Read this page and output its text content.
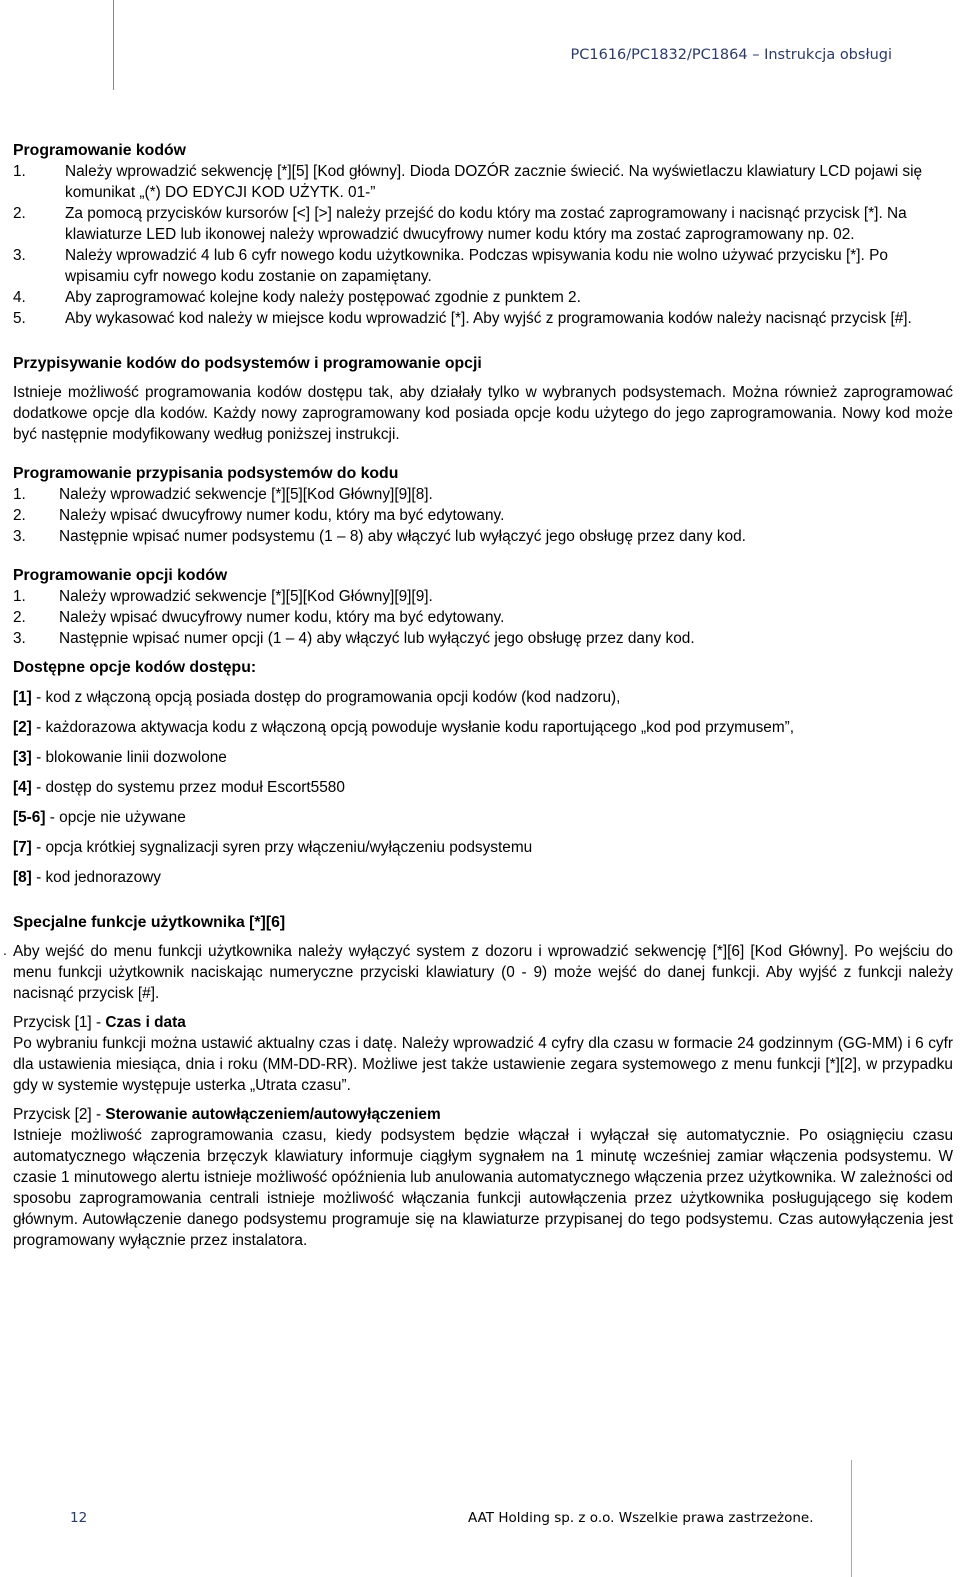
PC1616/PC1832/PC1864 – Instrukcja obsługi
Programowanie kodów
1.	Należy wprowadzić sekwencję [*][5] [Kod główny]. Dioda DOZÓR zacznie świecić. Na wyświetlaczu klawiatury LCD pojawi się komunikat „(*) DO EDYCJI KOD UŻYTK. 01-”
2.	Za pomocą przycisków kursorów [<] [>] należy przejść do kodu który ma zostać zaprogramowany i nacisnąć przycisk [*]. Na klawiaturze LED lub ikonowej należy wprowadzić dwucyfrowy numer kodu który ma zostać zaprogramowany np. 02.
3.	Należy wprowadzić 4 lub 6 cyfr nowego kodu użytkownika. Podczas wpisywania kodu nie wolno używać przycisku [*]. Po wpisamiu cyfr nowego kodu zostanie on zapamiętany.
4.	Aby zaprogramować kolejne kody należy postępować zgodnie z punktem 2.
5.	Aby wykasować kod należy w miejsce kodu wprowadzić [*]. Aby wyjść z programowania kodów należy nacisnąć przycisk [#].
Przypisywanie kodów do podsystemów i programowanie opcji

Istnieje możliwość programowania kodów dostępu tak, aby działały tylko w wybranych podsystemach. Można również zaprogramować dodatkowe opcje dla kodów. Każdy nowy zaprogramowany kod posiada opcje kodu użytego do jego zaprogramowania. Nowy kod może być następnie modyfikowany według poniższej instrukcji.

Programowanie przypisania podsystemów do kodu
1.	Należy wprowadzić sekwencje [*][5][Kod Główny][9][8].
2.	Należy wpisać dwucyfrowy numer kodu, który ma być edytowany.
3.	Następnie wpisać numer podsystemu (1 – 8) aby włączyć lub wyłączyć jego obsługę przez dany kod.
Programowanie opcji kodów
1.	Należy wprowadzić sekwencje [*][5][Kod Główny][9][9].
2.	Należy wpisać dwucyfrowy numer kodu, który ma być edytowany.
3.	Następnie wpisać numer opcji (1 – 4) aby włączyć lub wyłączyć jego obsługę przez dany kod.
Dostępne opcje kodów dostępu:
[1] - kod z włączoną opcją posiada dostęp do programowania opcji kodów (kod nadzoru),
[2] - każdorazowa aktywacja kodu z włączoną opcją powoduje wysłanie kodu raportującego „kod pod przymusem”,
[3] - blokowanie linii dozwolone
[4] - dostęp do systemu przez moduł Escort5580
[5-6] - opcje nie używane
[7] - opcja krótkiej sygnalizacji syren przy włączeniu/wyłączeniu podsystemu
[8] - kod jednorazowy
Specjalne funkcje użytkownika [*][6]

Aby wejść do menu funkcji użytkownika należy wyłączyć system z dozoru i wprowadzić sekwencję [*][6] [Kod Główny]. Po wejściu do menu funkcji użytkownik naciskając numeryczne przyciski klawiatury (0 - 9) może wejść do danej funkcji. Aby wyjść z funkcji należy nacisnąć przycisk [#].

Przycisk [1] - Czas i data

Po wybraniu funkcji można ustawić aktualny czas i datę. Należy wprowadzić 4 cyfry dla czasu w formacie 24 godzinnym (GG-MM) i 6 cyfr dla ustawienia miesiąca, dnia i roku (MM-DD-RR). Możliwe jest także ustawienie zegara systemowego z menu funkcji [*][2], w przypadku gdy w systemie występuje usterka „Utrata czasu”.

Przycisk [2] - Sterowanie autowłączeniem/autowyłączeniem

Istnieje możliwość zaprogramowania czasu, kiedy podsystem będzie włączał i wyłączał się automatycznie. Po osiągnięciu czasu automatycznego włączenia brzęczyk klawiatury informuje ciągłym sygnałem na 1 minutę wcześniej zamiar włączenia podsystemu. W czasie 1 minutowego alertu istnieje możliwość opóźnienia lub anulowania automatycznego włączenia przez użytkownika. W zależności od sposobu zaprogramowania centrali istnieje możliwość włączania funkcji autowłączenia przez użytkownika posługującego się kodem głównym. Autowłączenie danego podsystemu programuje się na klawiaturze przypisanej do tego podsystemu. Czas autowyłączenia jest programowany wyłącznie przez instalatora.

.
12	AAT Holding sp. z o.o. Wszelkie prawa zastrzeżone.
